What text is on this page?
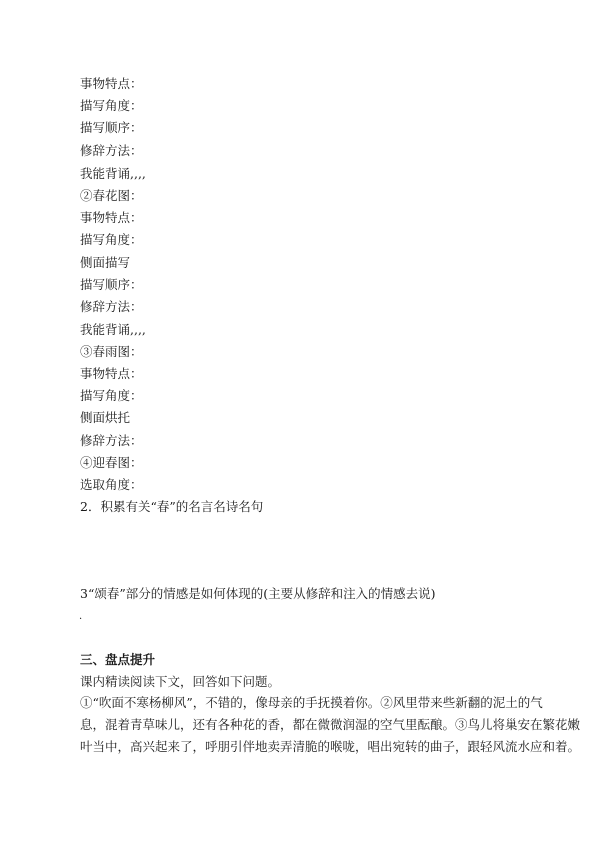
事物特点：
描写角度：
描写顺序：
修辞方法：
我能背诵,,,,
②春花图：
事物特点：
描写角度：
侧面描写
描写顺序：
修辞方法：
我能背诵,,,,
③春雨图：
事物特点：
描写角度：
侧面烘托
修辞方法：
④迎春图：
选取角度：
2．积累有关“春”的名言名诗名句
3“颂春”部分的情感是如何体现的(主要从修辞和注入的情感去说)
.
三、盘点提升
课内精读阅读下文，回答如下问题。
①“吹面不寒杨柳风”，不错的，像母亲的手抚摸着你。②风里带来些新翻的泥土的气
息，混着青草味儿，还有各种花的香，都在微微润湿的空气里酝酿。③鸟儿将巢安在繁花嫩
叶当中，高兴起来了，呼朋引伴地卖弄清脆的喉咙，唱出宛转的曲子，跟轻风流水应和着。
